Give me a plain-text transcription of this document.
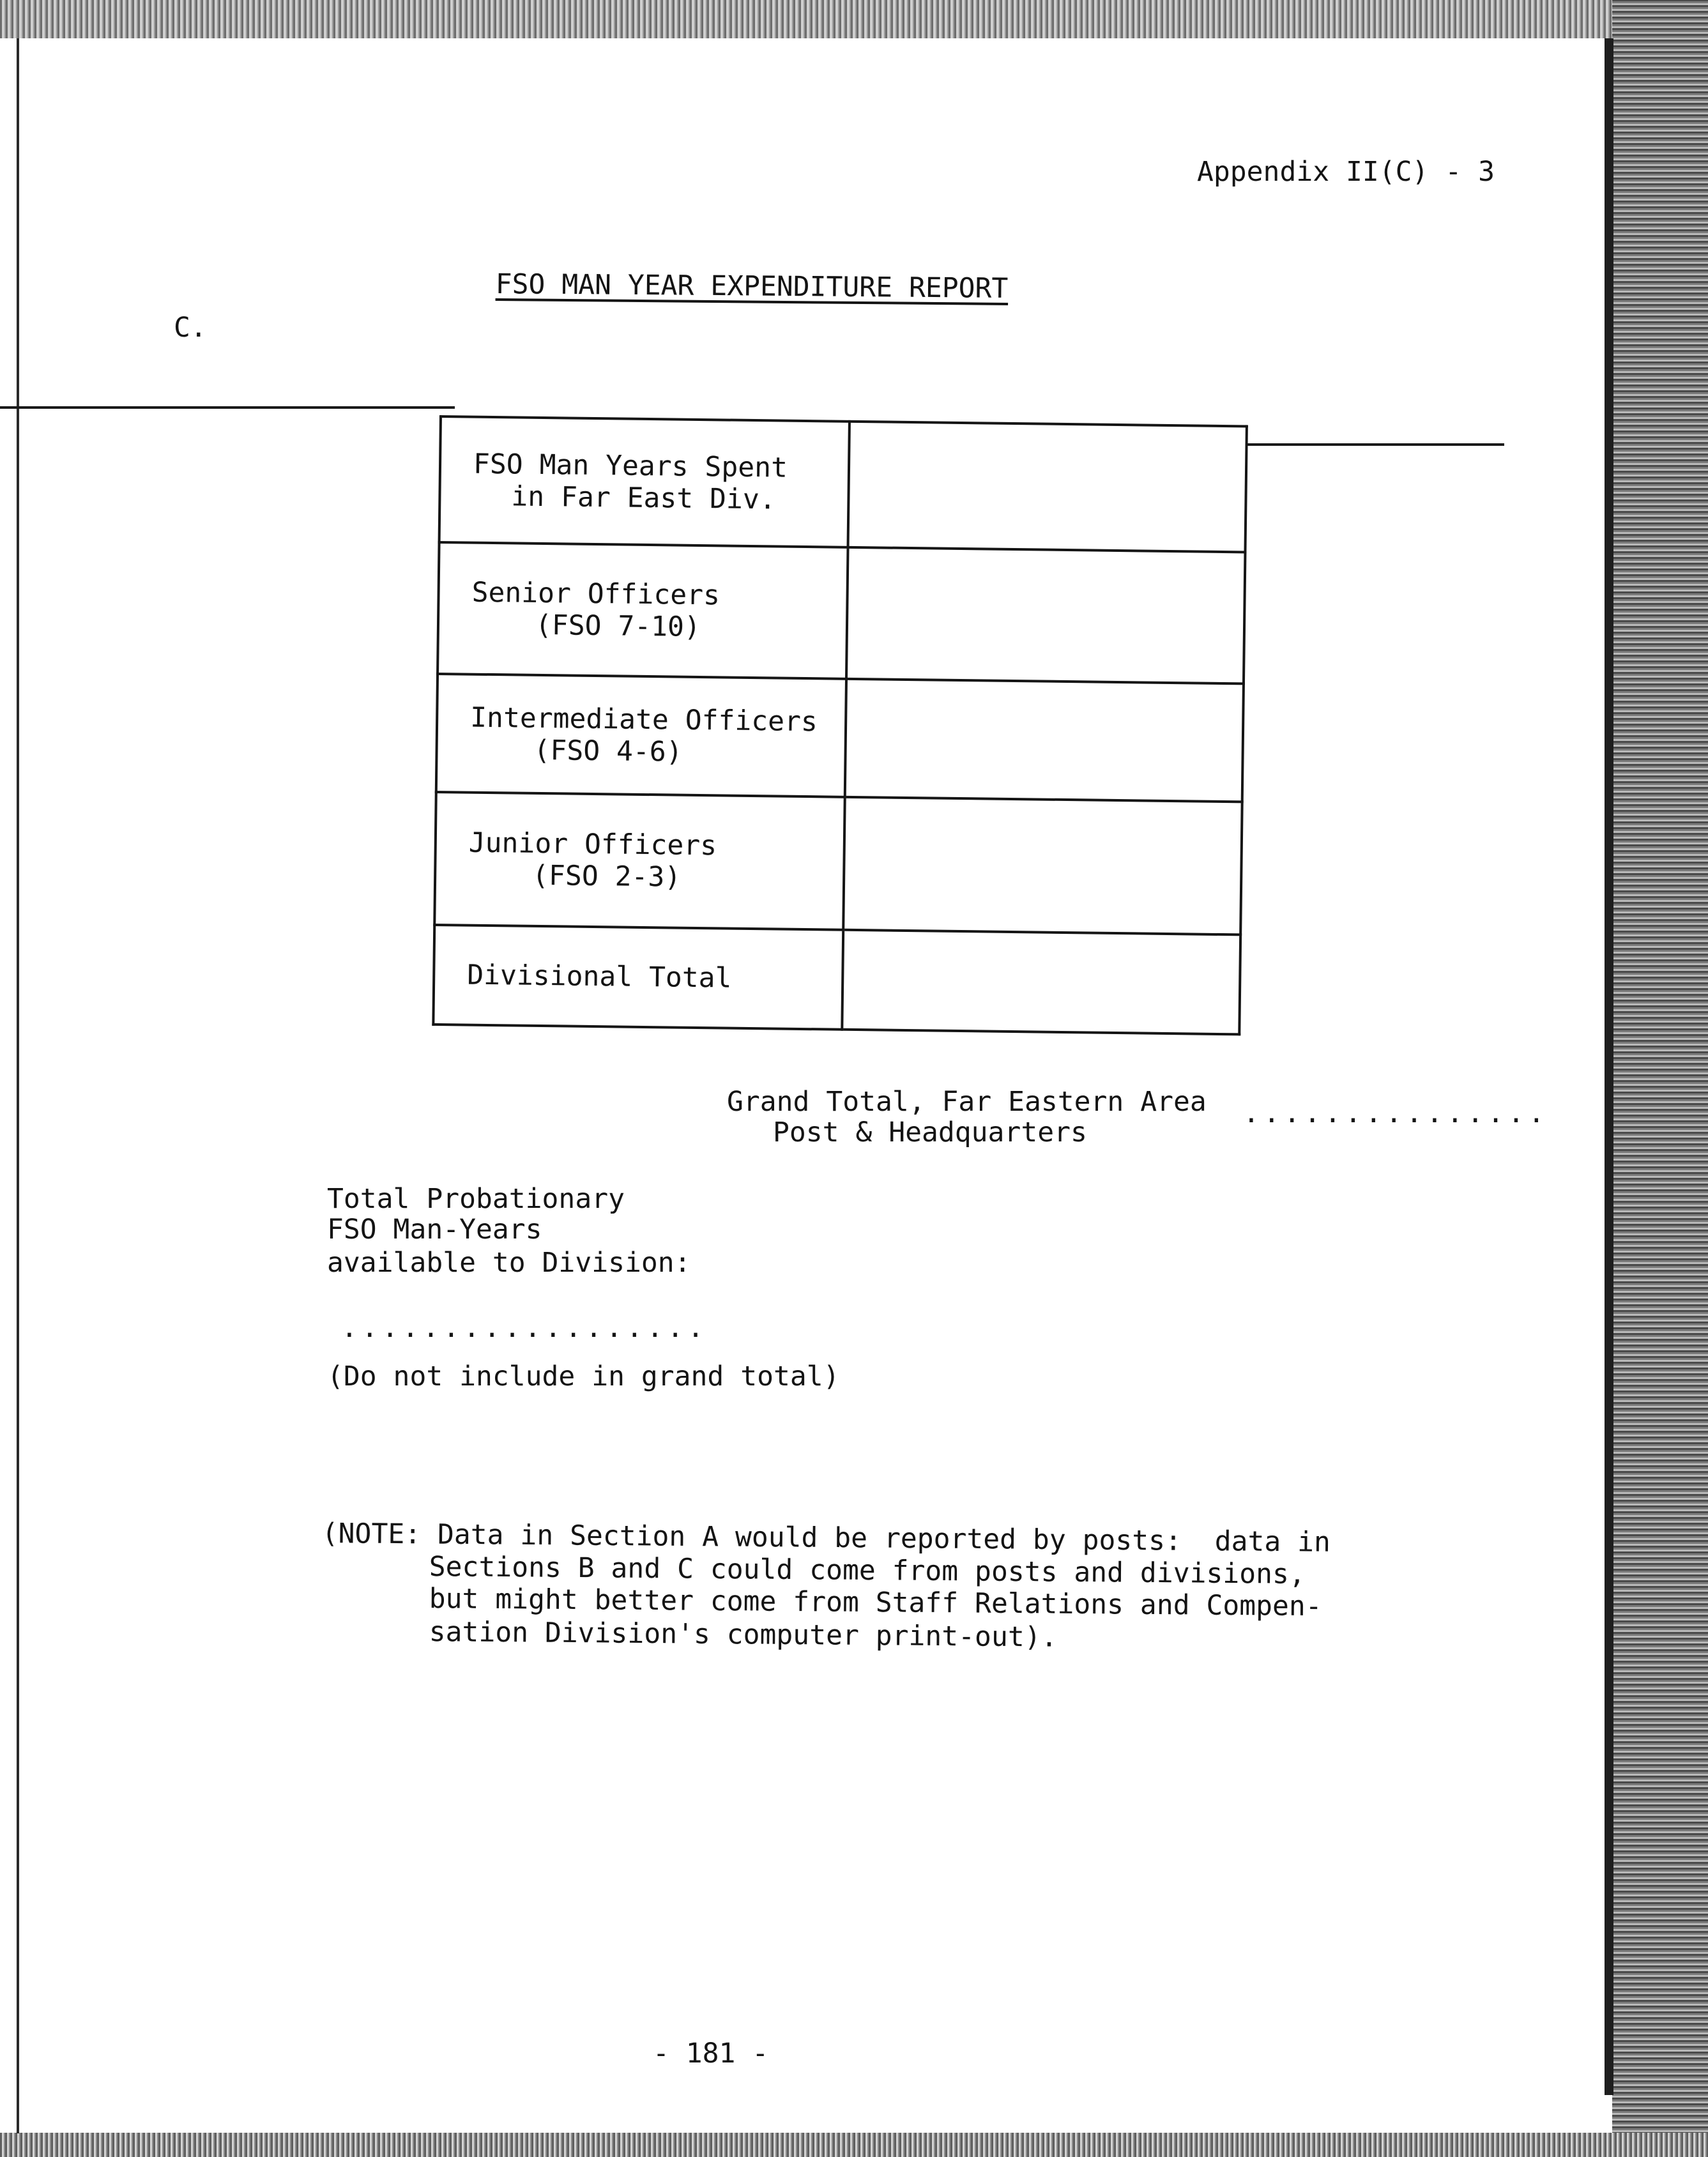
Appendix II(C) - 3
FSO MAN YEAR EXPENDITURE REPORT
C.
FSO Man Years Spent
in Far East Div.	

Senior Officers
(FSO 7-10)	

Intermediate Officers
(FSO 4-6)	

Junior Officers
(FSO 2-3)	

Divisional Total	

Grand Total, Far Eastern Area
Post & Headquarters
...............
Total Probationary
FSO Man-Years
available to Division:
..................
(Do not include in grand total)
(NOTE: Data in Section A would be reported by posts:  data in
Sections B and C could come from posts and divisions,
but might better come from Staff Relations and Compen-
sation Division's computer print-out).
- 181 -
